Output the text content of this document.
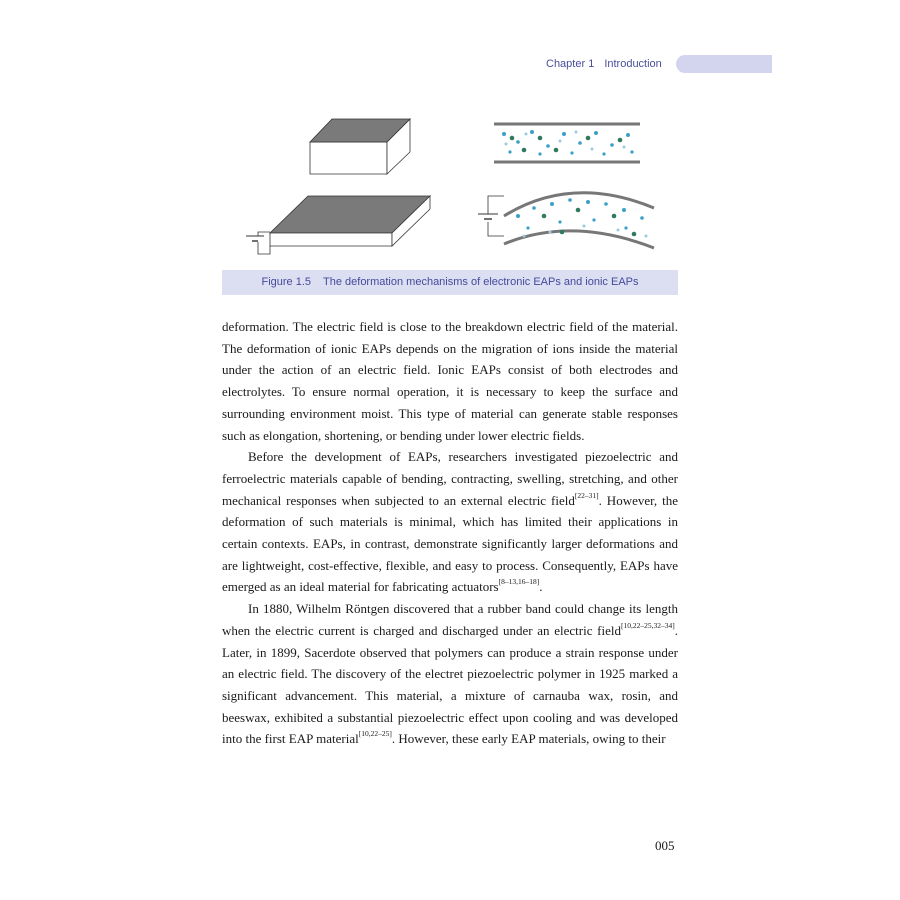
Chapter 1 Introduction
Figure 1.5 The deformation mechanisms of electronic EAPs and ionic EAPs

deformation. The electric field is close to the breakdown electric field of the material. The deformation of ionic EAPs depends on the migration of ions inside the material under the action of an electric field. Ionic EAPs consist of both electrodes and electrolytes. To ensure normal operation, it is necessary to keep the surface and surrounding environment moist. This type of material can generate stable responses such as elongation, shortening, or bending under lower electric fields.

Before the development of EAPs, researchers investigated piezoelectric and ferroelectric materials capable of bending, contracting, swelling, stretching, and other mechanical responses when subjected to an external electric field[22–31]. However, the deformation of such materials is minimal, which has limited their applications in certain contexts. EAPs, in contrast, demonstrate significantly larger deformations and are lightweight, cost-effective, flexible, and easy to process. Consequently, EAPs have emerged as an ideal material for fabricating actuators[8–13,16–18].

In 1880, Wilhelm Röntgen discovered that a rubber band could change its length when the electric current is charged and discharged under an electric field[10,22–25,32–34]. Later, in 1899, Sacerdote observed that polymers can produce a strain response under an electric field. The discovery of the electret piezoelectric polymer in 1925 marked a significant advancement. This material, a mixture of carnauba wax, rosin, and beeswax, exhibited a substantial piezoelectric effect upon cooling and was developed into the first EAP material[10,22–25]. However, these early EAP materials, owing to their

005
